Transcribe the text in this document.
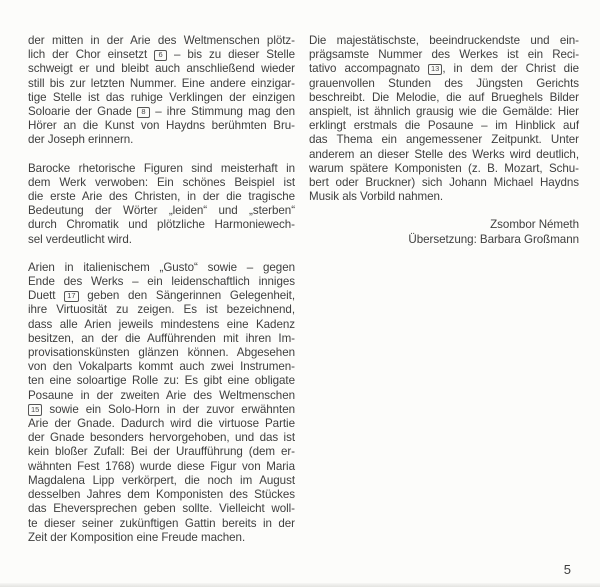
der mitten in der Arie des Weltmenschen plötz-
lich der Chor einsetzt 6 – bis zu dieser Stelle
schweigt er und bleibt auch anschließend wieder
still bis zur letzten Nummer. Eine andere einzigar-
tige Stelle ist das ruhige Verklingen der einzigen
Soloarie der Gnade 8 – ihre Stimmung mag den
Hörer an die Kunst von Haydns berühmten Bru-
der Joseph erinnern.
Barocke rhetorische Figuren sind meisterhaft in
dem Werk verwoben: Ein schönes Beispiel ist
die erste Arie des Christen, in der die tragische
Bedeutung der Wörter „leiden“ und „sterben“
durch Chromatik und plötzliche Harmoniewech-
sel verdeutlicht wird.
Arien in italienischem „Gusto“ sowie – gegen
Ende des Werks – ein leidenschaftlich inniges
Duett 17 geben den Sängerinnen Gelegenheit,
ihre Virtuosität zu zeigen. Es ist bezeichnend,
dass alle Arien jeweils mindestens eine Kadenz
besitzen, an der die Aufführenden mit ihren Im-
provisationskünsten glänzen können. Abgesehen
von den Vokalparts kommt auch zwei Instrumen-
ten eine soloartige Rolle zu: Es gibt eine obligate
Posaune in der zweiten Arie des Weltmenschen
15 sowie ein Solo-Horn in der zuvor erwähnten
Arie der Gnade. Dadurch wird die virtuose Partie
der Gnade besonders hervorgehoben, und das ist
kein bloßer Zufall: Bei der Uraufführung (dem er-
wähnten Fest 1768) wurde diese Figur von Maria
Magdalena Lipp verkörpert, die noch im August
desselben Jahres dem Komponisten des Stückes
das Eheversprechen geben sollte. Vielleicht woll-
te dieser seiner zukünftigen Gattin bereits in der
Zeit der Komposition eine Freude machen.
Die majestätischste, beeindruckendste und ein-
prägsamste Nummer des Werkes ist ein Reci-
tativo accompagnato 13 , in dem der Christ die
grauenvollen Stunden des Jüngsten Gerichts
beschreibt. Die Melodie, die auf Brueghels Bilder
anspielt, ist ähnlich grausig wie die Gemälde: Hier
erklingt erstmals die Posaune – im Hinblick auf
das Thema ein angemessener Zeitpunkt. Unter
anderem an dieser Stelle des Werks wird deutlich,
warum spätere Komponisten (z. B. Mozart, Schu-
bert oder Bruckner) sich Johann Michael Haydns
Musik als Vorbild nahmen.
Zsombor Németh
Übersetzung: Barbara Großmann
5
